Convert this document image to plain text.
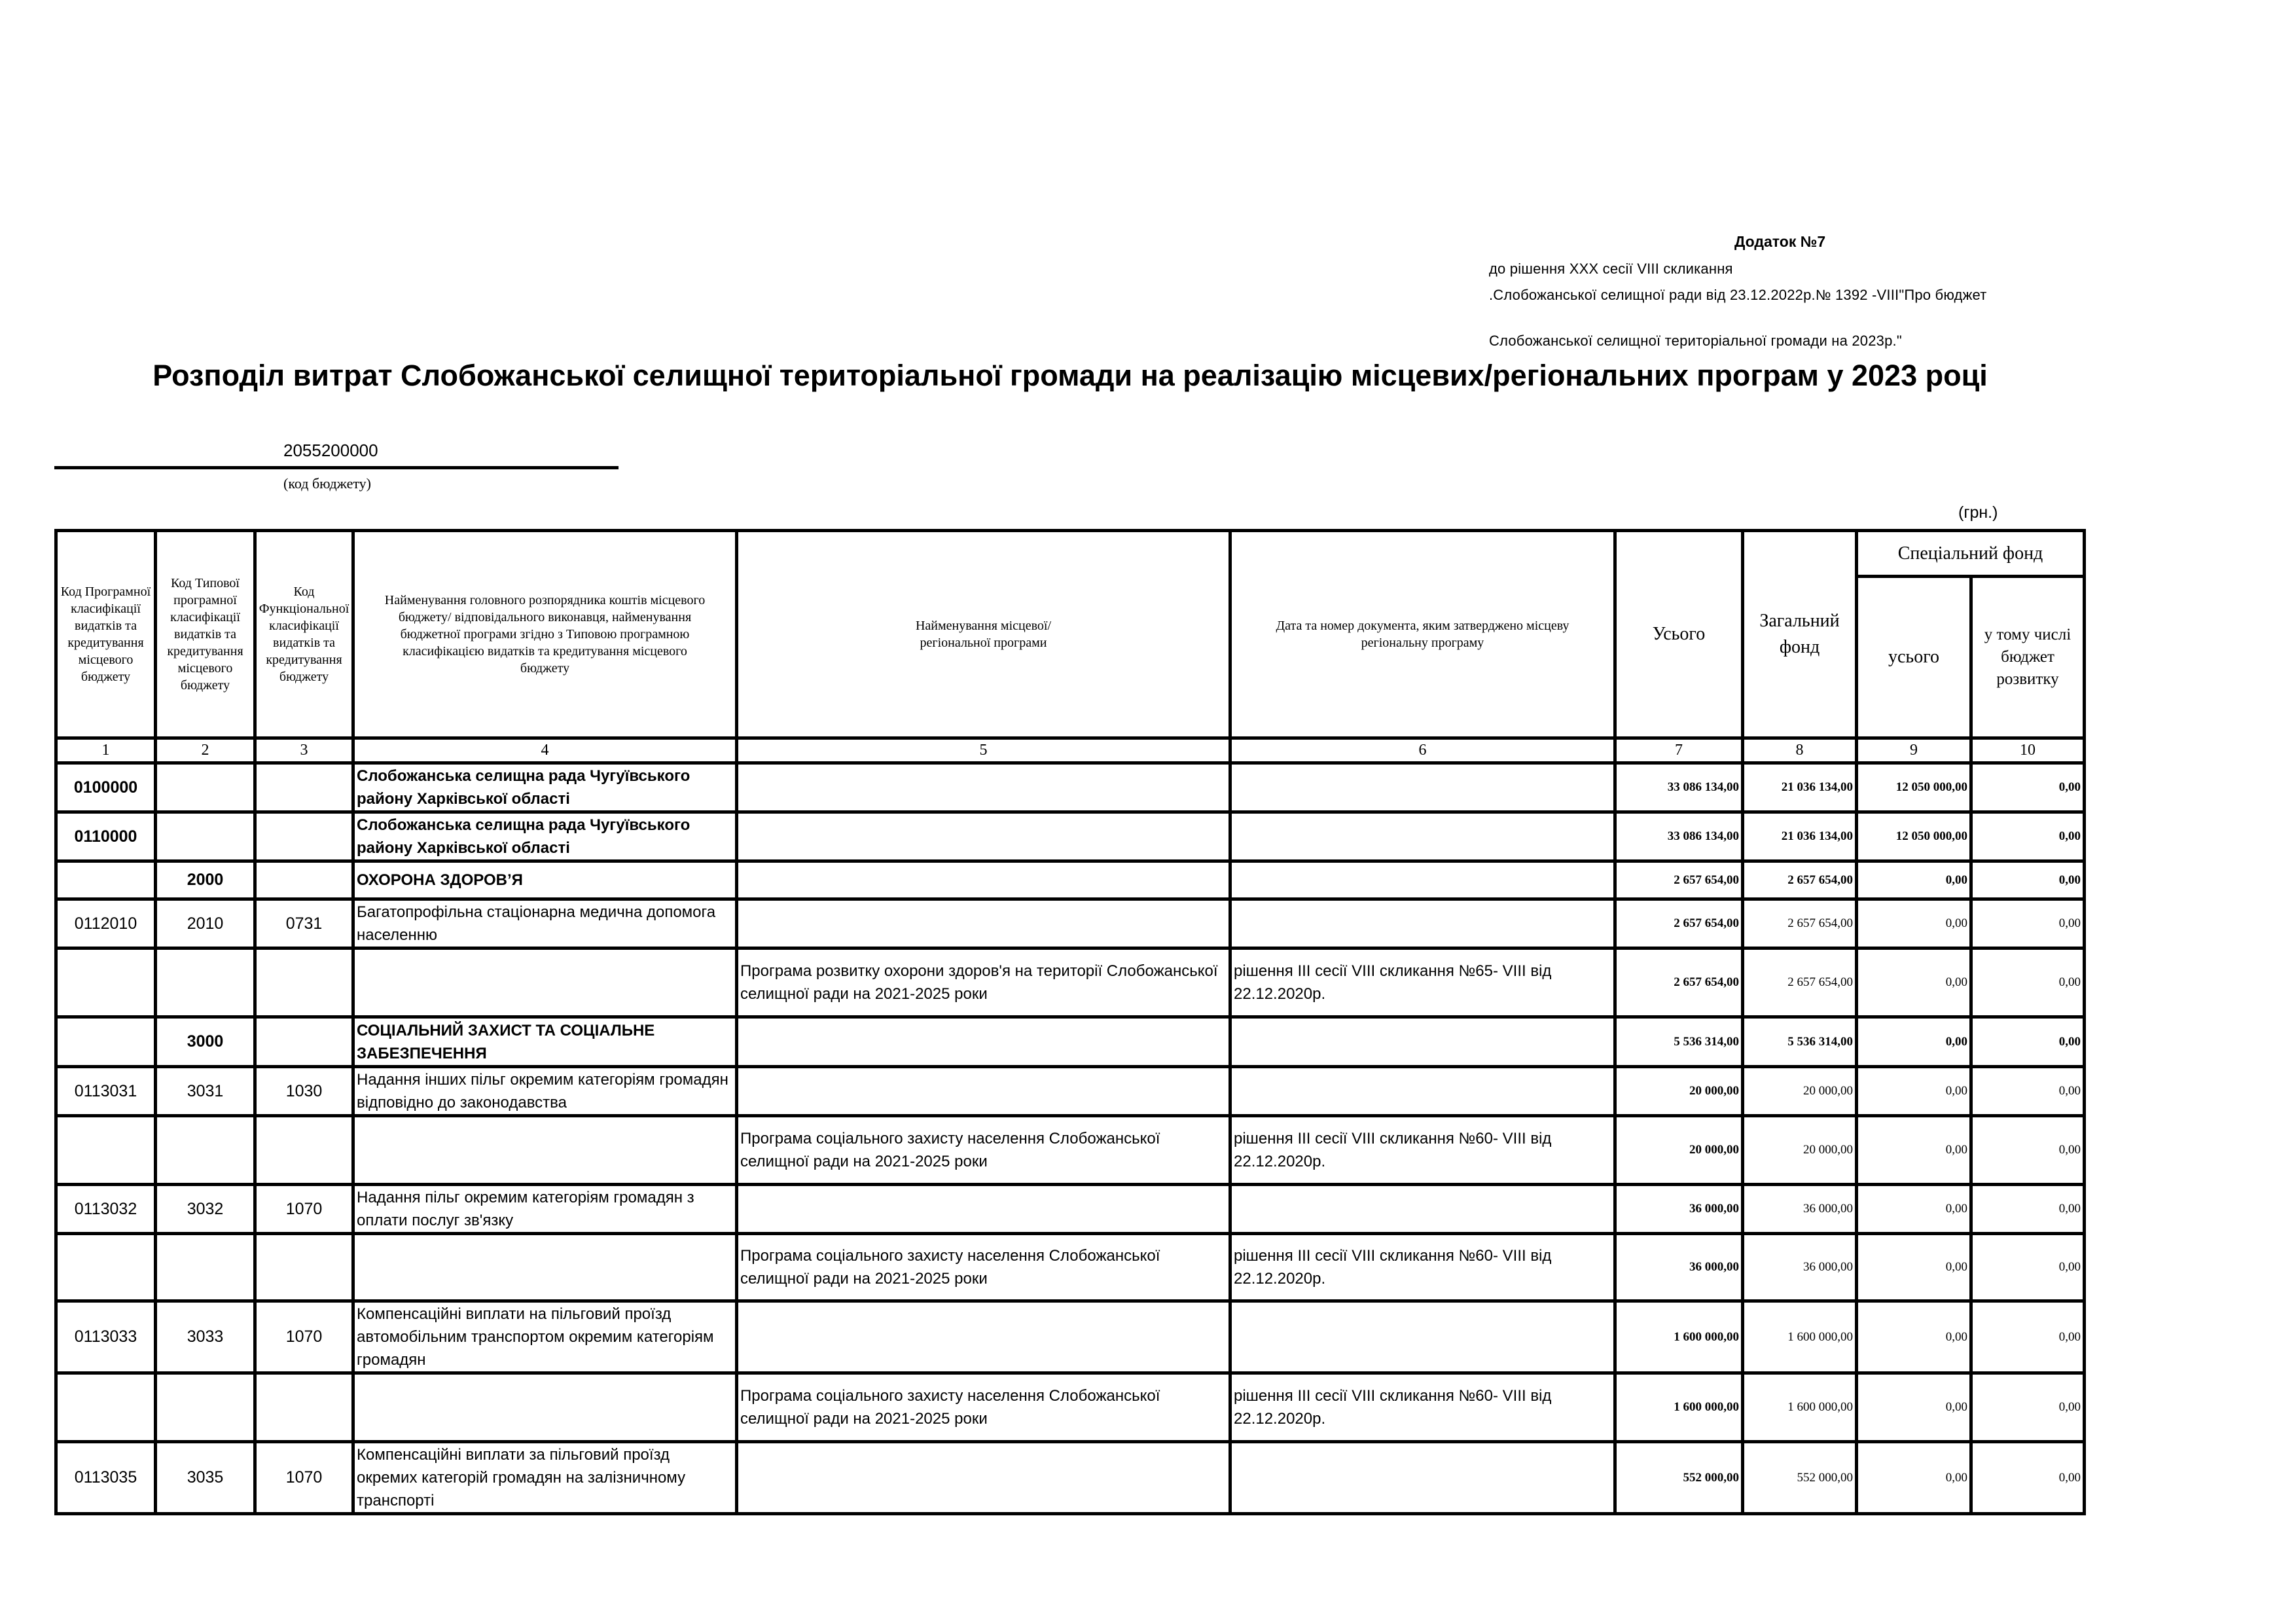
Додаток №7
до рішення ХХХ сесії VIII скликання
.Слобожанської селищної ради від 23.12.2022р.№ 1392 -VIII"Про бюджет
Слобожанської селищної територіальної громади на 2023р."
Розподіл витрат Слобожанської селищної територіальної громади на реалізацію місцевих/регіональних програм у 2023 році
2055200000
(код бюджету)
(грн.)
Код Програмної класифікації видатків та кредитування місцевого бюджету	Код Типової програмної класифікації видатків та кредитування місцевого бюджету	Код Функціональної класифікації видатків та кредитування бюджету	Найменування головного розпорядника коштів місцевого бюджету/ відповідального виконавця, найменування бюджетної програми згідно з Типовою програмною класифікацією видатків та кредитування місцевого бюджету	Найменування місцевої/регіональної програми	Дата та номер документа, яким затверджено місцеву регіональну програму	Усього	Загальний фонд	Спеціальний фонд	
								усього	у тому числі бюджет розвитку
1	2	3	4	5	6	7	8	9	10
0100000			Слобожанська селищна рада Чугуївського району Харківської області			33 086 134,00	21 036 134,00	12 050 000,00	0,00
0110000			Слобожанська селищна рада Чугуївського району Харківської області			33 086 134,00	21 036 134,00	12 050 000,00	0,00
	2000		ОХОРОНА ЗДОРОВ’Я			2 657 654,00	2 657 654,00	0,00	0,00
0112010	2010	0731	Багатопрофільна стаціонарна медична допомога населенню			2 657 654,00	2 657 654,00	0,00	0,00
				Програма розвитку охорони здоров'я на території Слобожанської селищної ради на 2021-2025 роки	рішення ІІІ сесії VIII скликання №65- VIII від 22.12.2020р.	2 657 654,00	2 657 654,00	0,00	0,00
	3000		СОЦІАЛЬНИЙ ЗАХИСТ ТА СОЦІАЛЬНЕ ЗАБЕЗПЕЧЕННЯ			5 536 314,00	5 536 314,00	0,00	0,00
0113031	3031	1030	Надання інших пільг окремим категоріям громадян відповідно до законодавства			20 000,00	20 000,00	0,00	0,00
				Програма соціального захисту населення Слобожанської селищної ради на 2021-2025 роки	рішення ІІІ сесії VIII скликання №60- VIII від 22.12.2020р.	20 000,00	20 000,00	0,00	0,00
0113032	3032	1070	Надання пільг окремим категоріям громадян з оплати послуг зв'язку			36 000,00	36 000,00	0,00	0,00
				Програма соціального захисту населення Слобожанської селищної ради на 2021-2025 роки	рішення ІІІ сесії VIII скликання №60- VIII від 22.12.2020р.	36 000,00	36 000,00	0,00	0,00
0113033	3033	1070	Компенсаційні виплати на пільговий проїзд автомобільним транспортом окремим категоріям громадян			1 600 000,00	1 600 000,00	0,00	0,00
				Програма соціального захисту населення Слобожанської селищної ради на 2021-2025 роки	рішення ІІІ сесії VIII скликання №60- VIII від 22.12.2020р.	1 600 000,00	1 600 000,00	0,00	0,00
0113035	3035	1070	Компенсаційні виплати за пільговий проїзд окремих категорій громадян на залізничному транспорті			552 000,00	552 000,00	0,00	0,00
